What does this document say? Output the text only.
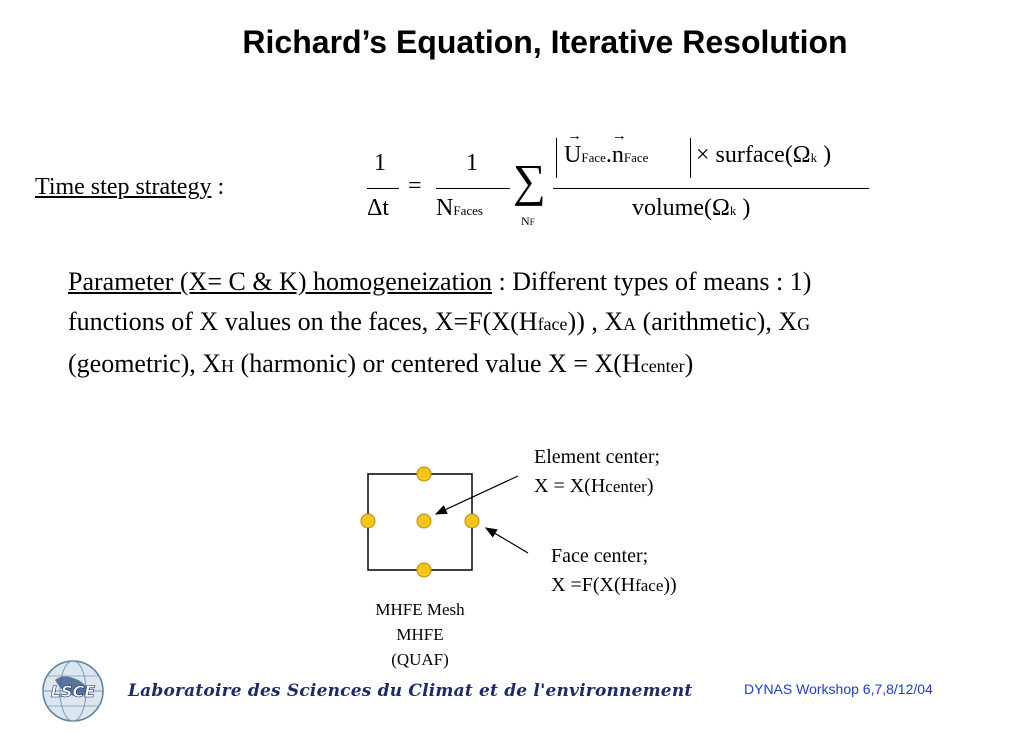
Richard’s Equation, Iterative Resolution
Time step strategy :
1
Δt
=
1
NFaces
∑
NF
→
UFace.
→
nFace × surface(Ωk )
volume(Ωk )
Parameter (X= C & K) homogeneization : Different types of means : 1) functions of X values on the faces, X=F(X(Hface)) , XA (arithmetic), XG (geometric), XH (harmonic) or centered value X = X(Hcenter)
LSCE
Element center;
X = X(Hcenter)
Face center;
X =F(X(Hface))
MHFE Mesh
MHFE
(QUAF)
Laboratoire des Sciences du Climat et de l'environnement	DYNAS Workshop 6,7,8/12/04
